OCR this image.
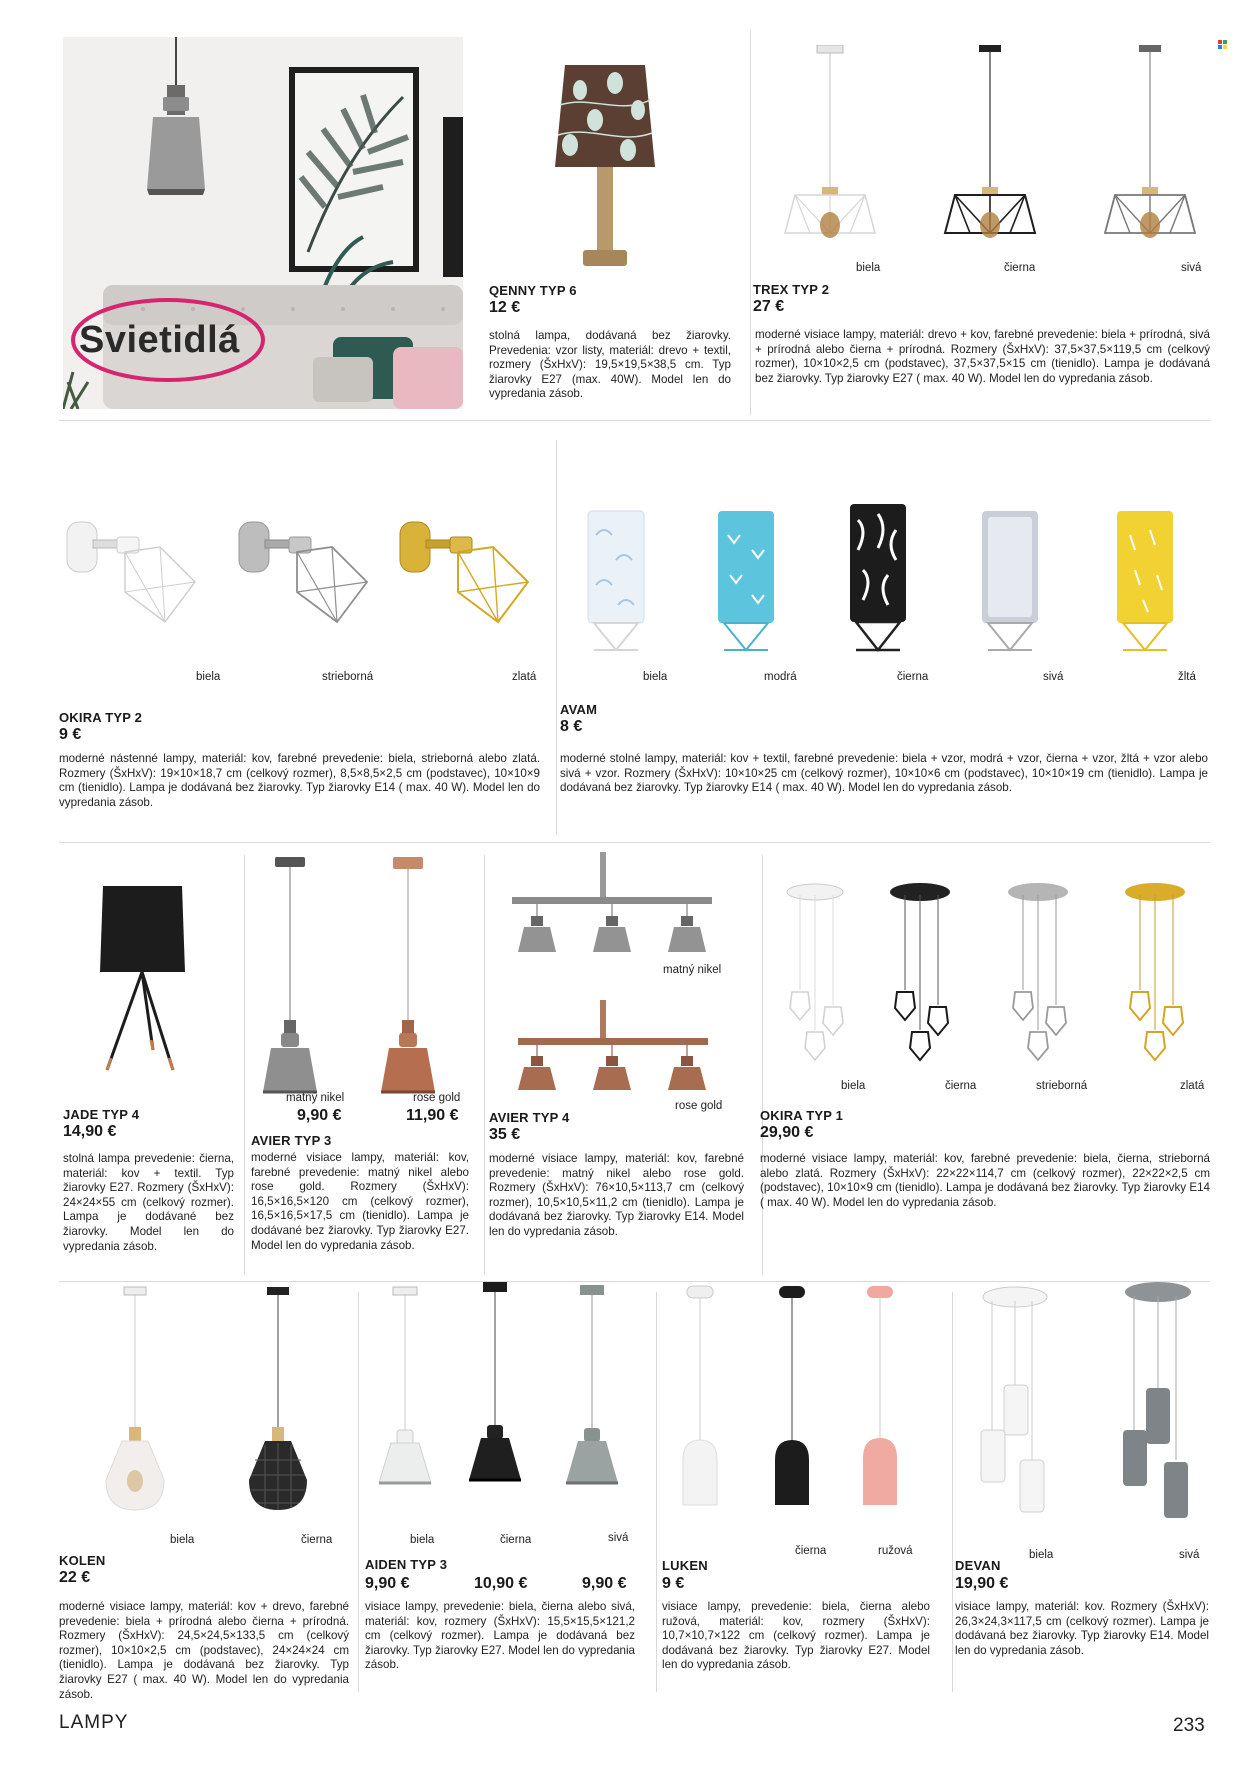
Svietidlá
QENNY TYP 6
12 €
stolná lampa, dodávaná bez žiarovky. Prevedenia: vzor listy, materiál: drevo + textil, rozmery (ŠxHxV): 19,5×19,5×38,5 cm. Typ žiarovky E27 (max. 40W). Model len do vypredania zásob.
biela	čierna	sivá
TREX TYP 2
27 €
moderné visiace lampy, materiál: drevo + kov, farebné prevedenie: biela + prírodná, sivá + prírodná alebo čierna + prírodná. Rozmery (ŠxHxV): 37,5×37,5×119,5 cm (celkový rozmer), 10×10×2,5 cm (podstavec), 37,5×37,5×15 cm (tienidlo). Lampa je dodávaná bez žiarovky. Typ žiarovky E27 ( max. 40 W). Model len do vypredania zásob.
biela	strieborná	zlatá
OKIRA TYP 2
9 €
moderné nástenné lampy, materiál: kov, farebné prevedenie: biela, strieborná alebo zlatá. Rozmery (ŠxHxV): 19×10×18,7 cm (celkový rozmer), 8,5×8,5×2,5 cm (podstavec), 10×10×9 cm (tienidlo). Lampa je dodávaná bez žiarovky. Typ žiarovky E14 ( max. 40 W). Model len do vypredania zásob.
biela	modrá	čierna	sivá	žltá
AVAM
8 €
moderné stolné lampy, materiál: kov + textil, farebné prevedenie: biela + vzor, modrá + vzor, čierna + vzor, žltá + vzor alebo sivá + vzor. Rozmery (ŠxHxV): 10×10×25 cm (celkový rozmer), 10×10×6 cm (podstavec), 10×10×19 cm (tienidlo). Lampa je dodávaná bez žiarovky. Typ žiarovky E14 ( max. 40 W). Model len do vypredania zásob.
JADE TYP 4
14,90 €
stolná lampa prevedenie: čierna, materiál: kov + textil. Typ žiarovky E27. Rozmery (ŠxHxV): 24×24×55 cm (celkový rozmer). Lampa je dodávané bez žiarovky. Model len do vypredania zásob.
matný nikel	rose gold
9,90 €	11,90 €
AVIER TYP 3
moderné visiace lampy, materiál: kov, farebné prevedenie: matný nikel alebo rose gold. Rozmery (ŠxHxV): 16,5×16,5×120 cm (celkový rozmer), 16,5×16,5×17,5 cm (tienidlo). Lampa je dodávané bez žiarovky. Typ žiarovky E27. Model len do vypredania zásob.
matný nikel
rose gold
AVIER TYP 4
35 €
moderné visiace lampy, materiál: kov, farebné prevedenie: matný nikel alebo rose gold. Rozmery (ŠxHxV): 76×10,5×113,7 cm (celkový rozmer), 10,5×10,5×11,2 cm (tienidlo). Lampa je dodávaná bez žiarovky. Typ žiarovky E14. Model len do vypredania zásob.
biela	čierna	strieborná	zlatá
OKIRA TYP 1
29,90 €
moderné visiace lampy, materiál: kov, farebné prevedenie: biela, čierna, strieborná alebo zlatá. Rozmery (ŠxHxV): 22×22×114,7 cm (celkový rozmer), 22×22×2,5 cm (podstavec), 10×10×9 cm (tienidlo). Lampa je dodávaná bez žiarovky. Typ žiarovky E14 ( max. 40 W). Model len do vypredania zásob.
biela	čierna
KOLEN
22 €
moderné visiace lampy, materiál: kov + drevo, farebné prevedenie: biela + prírodná alebo čierna + prírodná. Rozmery (ŠxHxV): 24,5×24,5×133,5 cm (celkový rozmer), 10×10×2,5 cm (podstavec), 24×24×24 cm (tienidlo). Lampa je dodávaná bez žiarovky. Typ žiarovky E27 ( max. 40 W). Model len do vypredania zásob.
biela	čierna	sivá
AIDEN TYP 3
9,90 €	10,90 €	9,90 €
visiace lampy, prevedenie: biela, čierna alebo sivá, materiál: kov, rozmery (ŠxHxV): 15,5×15,5×121,2 cm (celkový rozmer). Lampa je dodávaná bez žiarovky. Typ žiarovky E27. Model len do vypredania zásob.
čierna	ružová
LUKEN
9 €
visiace lampy, prevedenie: biela, čierna alebo ružová, materiál: kov, rozmery (ŠxHxV): 10,7×10,7×122 cm (celkový rozmer). Lampa je dodávaná bez žiarovky. Typ žiarovky E27. Model len do vypredania zásob.
biela	sivá
DEVAN
19,90 €
visiace lampy, materiál: kov. Rozmery (ŠxHxV): 26,3×24,3×117,5 cm (celkový rozmer). Lampa je dodávaná bez žiarovky. Typ žiarovky E14. Model len do vypredania zásob.
LAMPY	233
